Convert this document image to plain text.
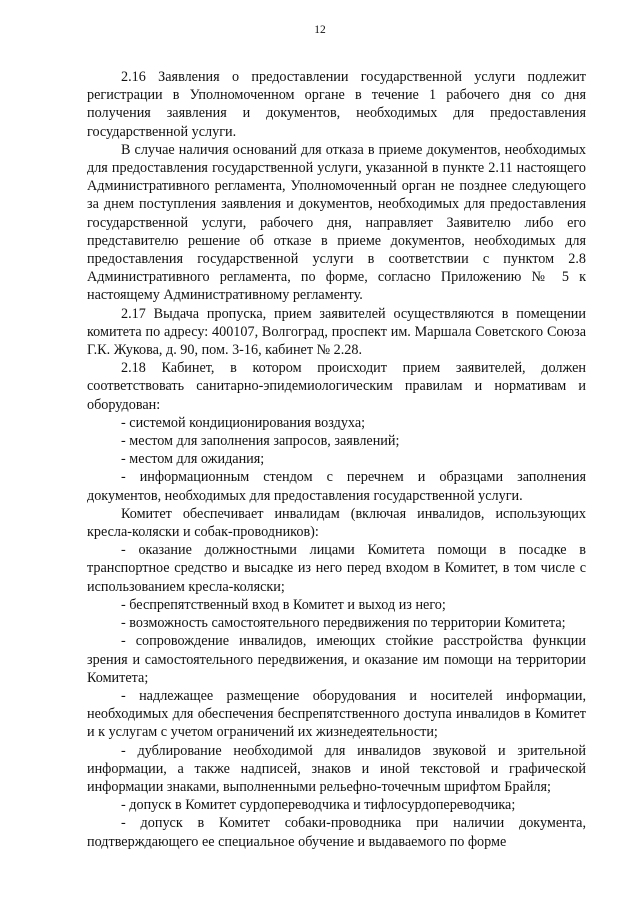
12

2.16 Заявления о предоставлении государственной услуги подлежит регистрации в Уполномоченном органе в течение 1 рабочего дня со дня получения заявления и документов, необходимых для предоставления государственной услуги.

В случае наличия оснований для отказа в приеме документов, необходимых для предоставления государственной услуги, указанной в пункте 2.11 настоящего Административного регламента, Уполномоченный орган не позднее следующего за днем поступления заявления и документов, необходимых для предоставления государственной услуги, рабочего дня, направляет Заявителю либо его представителю решение об отказе в приеме документов, необходимых для предоставления государственной услуги в соответствии с пунктом 2.8 Административного регламента, по форме, согласно Приложению № 5 к настоящему Административному регламенту.

2.17 Выдача пропуска, прием заявителей осуществляются в помещении комитета по адресу: 400107, Волгоград, проспект им. Маршала Советского Союза Г.К. Жукова, д. 90, пом. 3-16, кабинет № 2.28.

2.18 Кабинет, в котором происходит прием заявителей, должен соответствовать санитарно-эпидемиологическим правилам и нормативам и оборудован:

- системой кондиционирования воздуха;

- местом для заполнения запросов, заявлений;

- местом для ожидания;

- информационным стендом с перечнем и образцами заполнения документов, необходимых для предоставления государственной услуги.

Комитет обеспечивает инвалидам (включая инвалидов, использующих кресла-коляски и собак-проводников):

- оказание должностными лицами Комитета помощи в посадке в транспортное средство и высадке из него перед входом в Комитет, в том числе с использованием кресла-коляски;

- беспрепятственный вход в Комитет и выход из него;

- возможность самостоятельного передвижения по территории Комитета;

- сопровождение инвалидов, имеющих стойкие расстройства функции зрения и самостоятельного передвижения, и оказание им помощи на территории Комитета;

- надлежащее размещение оборудования и носителей информации, необходимых для обеспечения беспрепятственного доступа инвалидов в Комитет и к услугам с учетом ограничений их жизнедеятельности;

- дублирование необходимой для инвалидов звуковой и зрительной информации, а также надписей, знаков и иной текстовой и графической информации знаками, выполненными рельефно-точечным шрифтом Брайля;

- допуск в Комитет сурдопереводчика и тифлосурдопереводчика;

- допуск в Комитет собаки-проводника при наличии документа, подтверждающего ее специальное обучение и выдаваемого по форме
